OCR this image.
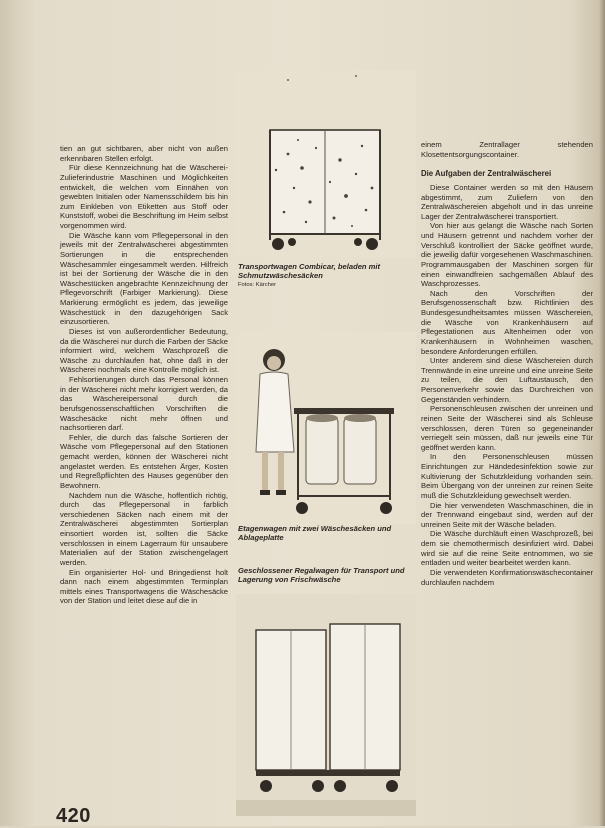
tien an gut sichtbaren, aber nicht von außen erkennbaren Stellen erfolgt.

Für diese Kennzeichnung hat die Wäscherei-Zulieferindustrie Maschinen und Möglichkeiten entwickelt, die welchen vom Einnähen von gewebten Initialen oder Namensschildern bis hin zum Einkleben von Etiketten aus Stoff oder Kunststoff, wobei die Beschriftung im Heim selbst vorgenommen wird.

Die Wäsche kann vom Pflegepersonal in den jeweils mit der Zentralwäscherei abgestimmten Sortierungen in die entsprechenden Wäschesammler eingesammelt werden. Hilfreich ist bei der Sortierung der Wäsche die in den Wäschestücken angebrachte Kennzeichnung der Pflegevorschrift (Farbiger Markierung). Diese Markierung ermöglicht es jedem, das jeweilige Wäschestück in den dazugehörigen Sack einzusortieren.

Dieses ist von außerordentlicher Bedeutung, da die Wäscherei nur durch die Farben der Säcke informiert wird, welchem Waschprozeß die Wäsche zu durchlaufen hat, ohne daß in der Wäscherei nochmals eine Kontrolle möglich ist.

Fehlsortierungen durch das Personal können in der Wäscherei nicht mehr korrigiert werden, da das Wäschereipersonal durch die berufsgenossenschaftlichen Vorschriften die Wäschesäcke nicht mehr öffnen und nachsortieren darf.

Fehler, die durch das falsche Sortieren der Wäsche vom Pflegepersonal auf den Stationen gemacht werden, können der Wäscherei nicht angelastet werden. Es entstehen Ärger, Kosten und Regreßpflichten des Hauses gegenüber den Bewohnern.

Nachdem nun die Wäsche, hoffentlich richtig, durch das Pflegepersonal in farblich verschiedenen Säcken nach einem mit der Zentralwäscherei abgestimmten Sortierplan einsortiert worden ist, sollten die Säcke verschlossen in einem Lagerraum für unsaubere Materialien auf der Station zwischengelagert werden.

Ein organisierter Hol- und Bringedienst holt dann nach einem abgestimmten Terminplan mittels eines Transportwagens die Wäschesäcke von der Station und leitet diese auf die in

Transportwagen Combicar, beladen mit Schmutzwäschesäcken
Fotos: Kärcher
Etagenwagen mit zwei Wäschesäcken und Ablageplatte
Geschlossener Regalwagen für Transport und Lagerung von Frischwäsche

einem Zentrallager stehenden Klosettentsorgungscontainer.

Die Aufgaben der Zentralwäscherei

Diese Container werden so mit den Häusern abgestimmt, zum Zuliefern von den Zentralwäschereien abgeholt und in das unreine Lager der Zentralwäscherei transportiert.

Von hier aus gelangt die Wäsche nach Sorten und Häusern getrennt und nachdem vorher der Verschluß kontrolliert der Säcke geöffnet wurde, die jeweilig dafür vorgesehenen Waschmaschinen. Programmausgaben der Maschinen sorgen für einen einwandfreien sachgemäßen Ablauf des Waschprozesses.

Nach den Vorschriften der Berufsgenossenschaft bzw. Richtlinien des Bundesgesundheitsamtes müssen Wäschereien, die Wäsche von Krankenhäusern auf Pflegestationen aus Altenheimen oder von Krankenhäusern in Wohnheimen waschen, besondere Anforderungen erfüllen.

Unter anderem sind diese Wäschereien durch Trennwände in eine unreine und eine unreine Seite zu teilen, die den Luftaustausch, den Personenverkehr sowie das Durchreichen von Gegenständen verhindern.

Personenschleusen zwischen der unreinen und reinen Seite der Wäscherei sind als Schleuse verschlossen, deren Türen so gegeneinander verriegelt sein müssen, daß nur jeweils eine Tür geöffnet werden kann.

In den Personenschleusen müssen Einrichtungen zur Händedesinfektion sowie zur Kultivierung der Schutzkleidung vorhanden sein. Beim Übergang von der unreinen zur reinen Seite muß die Schutzkleidung gewechselt werden.

Die hier verwendeten Waschmaschinen, die in der Trennwand eingebaut sind, werden auf der unreinen Seite mit der Wäsche beladen.

Die Wäsche durchläuft einen Waschprozeß, bei dem sie chemothermisch desinfiziert wird. Dabei wird sie auf die reine Seite entnommen, wo sie entladen und weiter bearbeitet werden kann.

Die verwendeten Konfirmationswäschecontainer durchlaufen nachdem

420
